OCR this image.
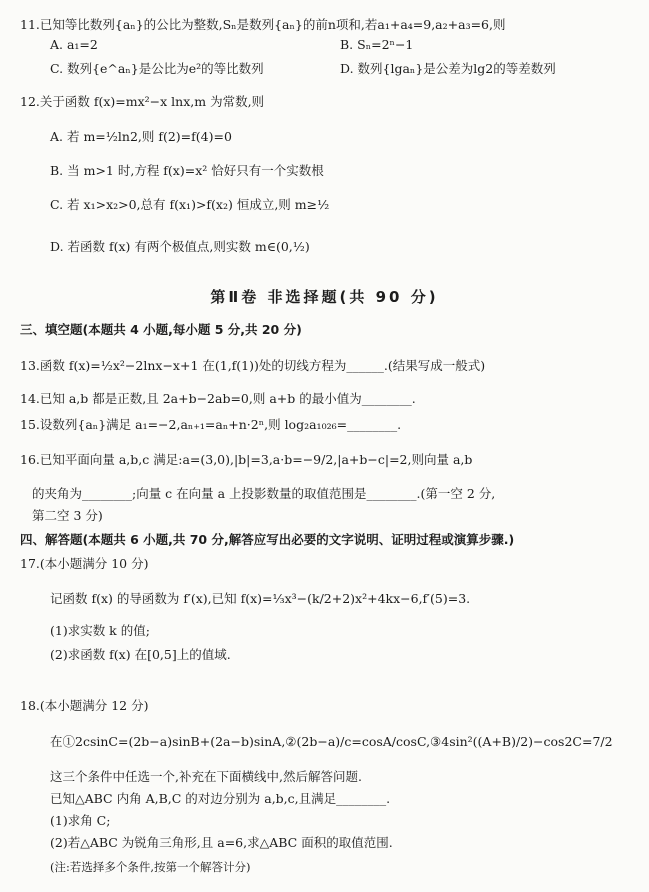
11.已知等比数列{aₙ}的公比为整数,Sₙ是数列{aₙ}的前n项和,若a₁+a₄=9,a₂+a₃=6,则
A. a₁=2	B. Sₙ=2ⁿ−1
C. 数列{e^aₙ}是公比为e²的等比数列	D. 数列{lgaₙ}是公差为lg2的等差数列
12.关于函数 f(x)=mx²−x lnx,m 为常数,则
A. 若 m=½ln2,则 f(2)=f(4)=0
B. 当 m>1 时,方程 f(x)=x² 恰好只有一个实数根
C. 若 x₁>x₂>0,总有 f(x₁)>f(x₂) 恒成立,则 m≥½
D. 若函数 f(x) 有两个极值点,则实数 m∈(0,½)
第Ⅱ卷 非选择题(共 90 分)
三、填空题(本题共 4 小题,每小题 5 分,共 20 分)
13.函数 f(x)=½x²−2lnx−x+1 在(1,f(1))处的切线方程为______.(结果写成一般式)
14.已知 a,b 都是正数,且 2a+b−2ab=0,则 a+b 的最小值为________.
15.设数列{aₙ}满足 a₁=−2,aₙ₊₁=aₙ+n·2ⁿ,则 log₂a₁₀₂₆=________.
16.已知平面向量 a,b,c 满足:a=(3,0),|b|=3,a·b=−9/2,|a+b−c|=2,则向量 a,b
的夹角为________;向量 c 在向量 a 上投影数量的取值范围是________.(第一空 2 分,
第二空 3 分)
四、解答题(本题共 6 小题,共 70 分,解答应写出必要的文字说明、证明过程或演算步骤.)
17.(本小题满分 10 分)
记函数 f(x) 的导函数为 f′(x),已知 f(x)=⅓x³−(k/2+2)x²+4kx−6,f′(5)=3.
(1)求实数 k 的值;
(2)求函数 f(x) 在[0,5]上的值域.
18.(本小题满分 12 分)
在①2csinC=(2b−a)sinB+(2a−b)sinA,②(2b−a)/c=cosA/cosC,③4sin²((A+B)/2)−cos2C=7/2
这三个条件中任选一个,补充在下面横线中,然后解答问题.
已知△ABC 内角 A,B,C 的对边分别为 a,b,c,且满足________.
(1)求角 C;
(2)若△ABC 为锐角三角形,且 a=6,求△ABC 面积的取值范围.
(注:若选择多个条件,按第一个解答计分)
